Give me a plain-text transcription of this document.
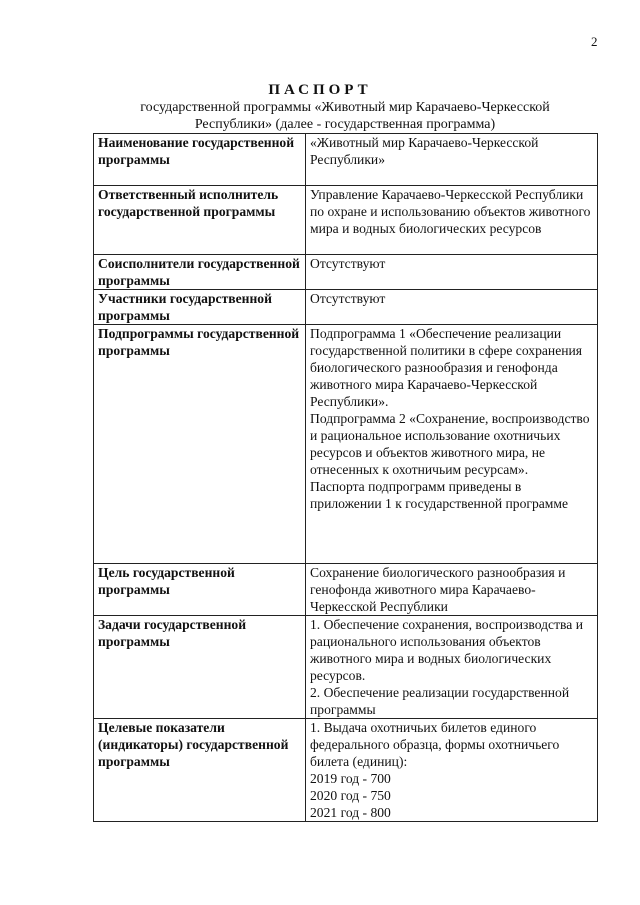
2
ПАСПОРТ
государственной программы «Животный мир Карачаево-Черкесской Республики» (далее - государственная программа)
Наименование государственной программы	«Животный мир Карачаево-Черкесской Республики»

Ответственный исполнитель государственной программы	Управление Карачаево-Черкесской Республики по охране и использованию объектов животного мира и водных биологических ресурсов

Соисполнители государственной программы	Отсутствуют

Участники государственной программы	Отсутствуют

Подпрограммы государственной программы	Подпрограмма 1 «Обеспечение реализации государственной политики в сфере сохранения биологического разнообразия и генофонда животного мира Карачаево-Черкесской Республики».
Подпрограмма 2 «Сохранение, воспроизводство и рациональное использование охотничьих ресурсов и объектов животного мира, не отнесенных к охотничьим ресурсам».
Паспорта подпрограмм приведены в приложении 1 к государственной программе

Цель государственной программы	Сохранение биологического разнообразия и генофонда животного мира Карачаево-Черкесской Республики

Задачи государственной программы	1. Обеспечение сохранения, воспроизводства и рационального использования объектов животного мира и водных биологических ресурсов.
2. Обеспечение реализации государственной программы

Целевые показатели (индикаторы) государственной программы	1. Выдача охотничьих билетов единого федерального образца, формы охотничьего билета (единиц):
2019 год - 700
2020 год - 750
2021 год - 800
